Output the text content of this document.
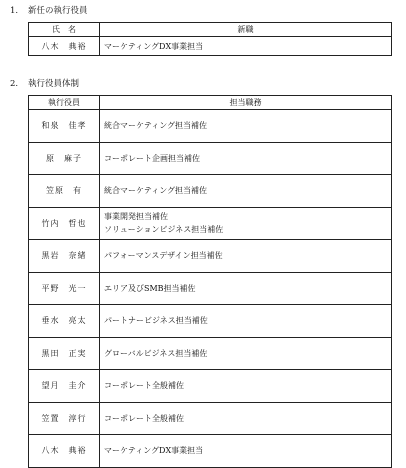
1. 新任の執行役員
氏　名	新職
八木　典裕	マーケティングDX事業担当
2. 執行役員体制
執行役員	担当職務
和泉　佳孝	統合マーケティング担当補佐

原　麻子	コーポレート企画担当補佐

笠原　有	統合マーケティング担当補佐

竹内　哲也	事業開発担当補佐
ソリューションビジネス担当補佐

黒岩　奈緒	パフォーマンスデザイン担当補佐

平野　光一	エリア及びSMB担当補佐

垂水　亮太	パートナービジネス担当補佐

黒田　正実	グローバルビジネス担当補佐

望月　圭介	コーポレート全般補佐

笠置　淳行	コーポレート全般補佐

八木　典裕	マーケティングDX事業担当
